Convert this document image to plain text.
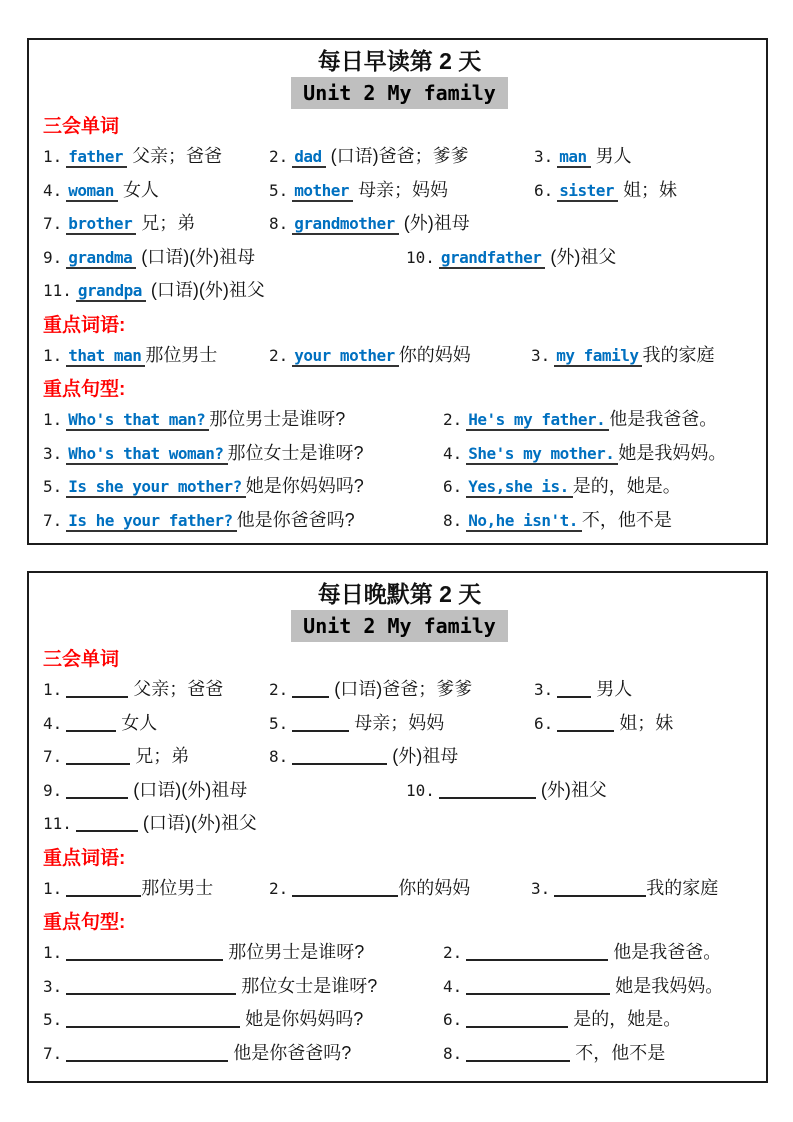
每日早读第 2 天
Unit 2 My family
三会单词
1. father 父亲；爸爸	2. dad (口语)爸爸；爹爹	3. man 男人
4. woman 女人	5. mother 母亲；妈妈	6. sister 姐；妹
7. brother 兄；弟	8. grandmother (外)祖母
9. grandma (口语)(外)祖母	10. grandfather (外)祖父
11. grandpa (口语)(外)祖父
重点词语:
1. that man 那位男士	2. your mother 你的妈妈	3. my family 我的家庭
重点句型:
1. Who's that man? 那位男士是谁呀?	2. He's my father. 他是我爸爸。
3. Who's that woman? 那位女士是谁呀?	4. She's my mother. 她是我妈妈。
5. Is she your mother? 她是你妈妈吗?	6. Yes,she is. 是的，她是。
7. Is he your father? 他是你爸爸吗?	8. No,he isn't. 不，他不是
每日晚默第 2 天
Unit 2 My family
三会单词
1.	父亲；爸爸	2.	(口语)爸爸；爹爹	3. 男人
4.	女人	5.	母亲；妈妈	6.	姐；妹
7.	兄；弟	8.	(外)祖母
9.	(口语)(外)祖母	10.	(外)祖父
11.	(口语)(外)祖父
重点词语:
1.	那位男士	2.	你的妈妈	3.	我的家庭
重点句型:
1.	那位男士是谁呀?	2.	他是我爸爸。
3.	那位女士是谁呀?	4.	她是我妈妈。
5.	她是你妈妈吗?	6.	是的，她是。
7.	他是你爸爸吗?	8.	不，他不是
